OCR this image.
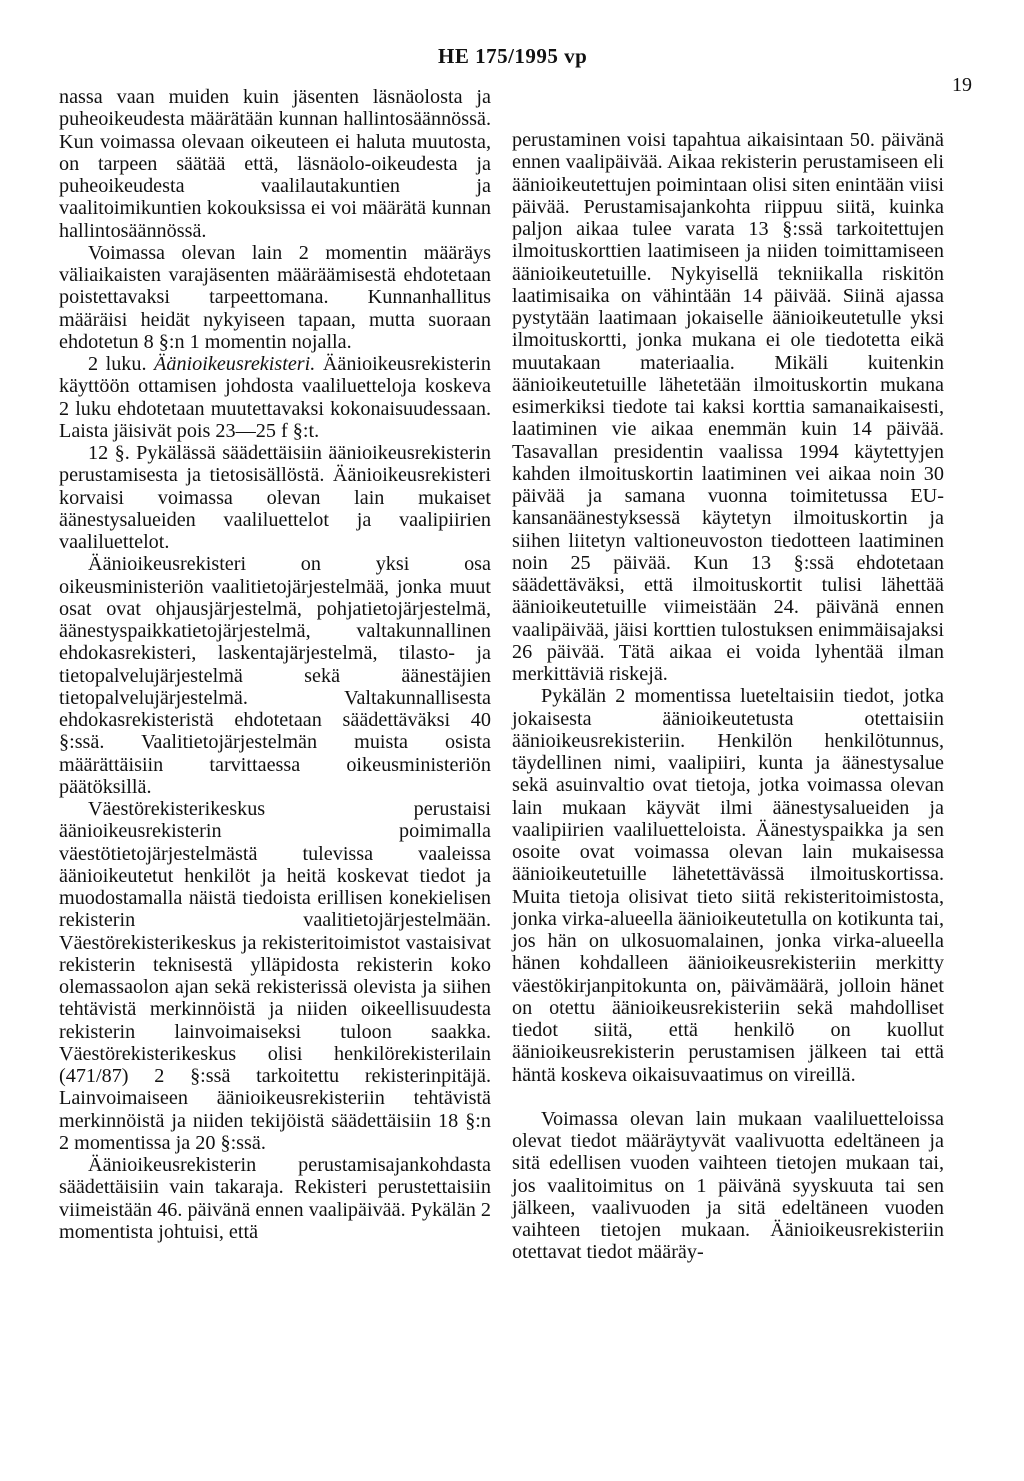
HE 175/1995 vp
19

nassa vaan muiden kuin jäsenten läsnäolosta ja puheoikeudesta määrätään kunnan hallintosäännössä. Kun voimassa olevaan oikeuteen ei haluta muutosta, on tarpeen säätää että, läsnäolo-oikeudesta ja puheoikeudesta vaalilautakuntien ja vaalitoimikuntien kokouksissa ei voi määrätä kunnan hallintosäännössä.

Voimassa olevan lain 2 momentin määräys väliaikaisten varajäsenten määräämisestä ehdotetaan poistettavaksi tarpeettomana. Kunnanhallitus määräisi heidät nykyiseen tapaan, mutta suoraan ehdotetun 8 §:n 1 momentin nojalla.

2 luku. Äänioikeusrekisteri. Äänioikeusrekisterin käyttöön ottamisen johdosta vaaliluetteloja koskeva 2 luku ehdotetaan muutettavaksi kokonaisuudessaan. Laista jäisivät pois 23—25 f §:t.

12 §. Pykälässä säädettäisiin äänioikeusrekisterin perustamisesta ja tietosisällöstä. Äänioikeusrekisteri korvaisi voimassa olevan lain mukaiset äänestysalueiden vaaliluettelot ja vaalipiirien vaaliluettelot.

Äänioikeusrekisteri on yksi osa oikeusministeriön vaalitietojärjestelmää, jonka muut osat ovat ohjausjärjestelmä, pohjatietojärjestelmä, äänestyspaikkatietojärjestelmä, valtakunnallinen ehdokasrekisteri, laskentajärjestelmä, tilasto- ja tietopalvelujärjestelmä sekä äänestäjien tietopalvelujärjestelmä. Valtakunnallisesta ehdokasrekisteristä ehdotetaan säädettäväksi 40 §:ssä. Vaalitietojärjestelmän muista osista määrättäisiin tarvittaessa oikeusministeriön päätöksillä.

Väestörekisterikeskus perustaisi äänioikeusrekisterin poimimalla väestötietojärjestelmästä tulevissa vaaleissa äänioikeutetut henkilöt ja heitä koskevat tiedot ja muodostamalla näistä tiedoista erillisen konekielisen rekisterin vaalitietojärjestelmään. Väestörekisterikeskus ja rekisteritoimistot vastaisivat rekisterin teknisestä ylläpidosta rekisterin koko olemassaolon ajan sekä rekisterissä olevista ja siihen tehtävistä merkinnöistä ja niiden oikeellisuudesta rekisterin lainvoimaiseksi tuloon saakka. Väestörekisterikeskus olisi henkilörekisterilain (471/87) 2 §:ssä tarkoitettu rekisterinpitäjä. Lainvoimaiseen äänioikeusrekisteriin tehtävistä merkinnöistä ja niiden tekijöistä säädettäisiin 18 §:n 2 momentissa ja 20 §:ssä.

Äänioikeusrekisterin perustamisajankohdasta säädettäisiin vain takaraja. Rekisteri perustettaisiin viimeistään 46. päivänä ennen vaalipäivää. Pykälän 2 momentista johtuisi, että

perustaminen voisi tapahtua aikaisintaan 50. päivänä ennen vaalipäivää. Aikaa rekisterin perustamiseen eli äänioikeutettujen poimintaan olisi siten enintään viisi päivää. Perustamisajankohta riippuu siitä, kuinka paljon aikaa tulee varata 13 §:ssä tarkoitettujen ilmoituskorttien laatimiseen ja niiden toimittamiseen äänioikeutetuille. Nykyisellä tekniikalla riskitön laatimisaika on vähintään 14 päivää. Siinä ajassa pystytään laatimaan jokaiselle äänioikeutetulle yksi ilmoituskortti, jonka mukana ei ole tiedotetta eikä muutakaan materiaalia. Mikäli kuitenkin äänioikeutetuille lähetetään ilmoituskortin mukana esimerkiksi tiedote tai kaksi korttia samanaikaisesti, laatiminen vie aikaa enemmän kuin 14 päivää. Tasavallan presidentin vaalissa 1994 käytettyjen kahden ilmoituskortin laatiminen vei aikaa noin 30 päivää ja samana vuonna toimitetussa EU-kansanäänestyksessä käytetyn ilmoituskortin ja siihen liitetyn valtioneuvoston tiedotteen laatiminen noin 25 päivää. Kun 13 §:ssä ehdotetaan säädettäväksi, että ilmoituskortit tulisi lähettää äänioikeutetuille viimeistään 24. päivänä ennen vaalipäivää, jäisi korttien tulostuksen enimmäisajaksi 26 päivää. Tätä aikaa ei voida lyhentää ilman merkittäviä riskejä.

Pykälän 2 momentissa lueteltaisiin tiedot, jotka jokaisesta äänioikeutetusta otettaisiin äänioikeusrekisteriin. Henkilön henkilötunnus, täydellinen nimi, vaalipiiri, kunta ja äänestysalue sekä asuinvaltio ovat tietoja, jotka voimassa olevan lain mukaan käyvät ilmi äänestysalueiden ja vaalipiirien vaaliluetteloista. Äänestyspaikka ja sen osoite ovat voimassa olevan lain mukaisessa äänioikeutetuille lähetettävässä ilmoituskortissa. Muita tietoja olisivat tieto siitä rekisteritoimistosta, jonka virka-alueella äänioikeutetulla on kotikunta tai, jos hän on ulkosuomalainen, jonka virka-alueella hänen kohdalleen äänioikeusrekisteriin merkitty väestökirjanpitokunta on, päivämäärä, jolloin hänet on otettu äänioikeusrekisteriin sekä mahdolliset tiedot siitä, että henkilö on kuollut äänioikeusrekisterin perustamisen jälkeen tai että häntä koskeva oikaisuvaatimus on vireillä.

Voimassa olevan lain mukaan vaaliluetteloissa olevat tiedot määräytyvät vaalivuotta edeltäneen ja sitä edellisen vuoden vaihteen tietojen mukaan tai, jos vaalitoimitus on 1 päivänä syyskuuta tai sen jälkeen, vaalivuoden ja sitä edeltäneen vuoden vaihteen tietojen mukaan. Äänioikeusrekisteriin otettavat tiedot määräy-
